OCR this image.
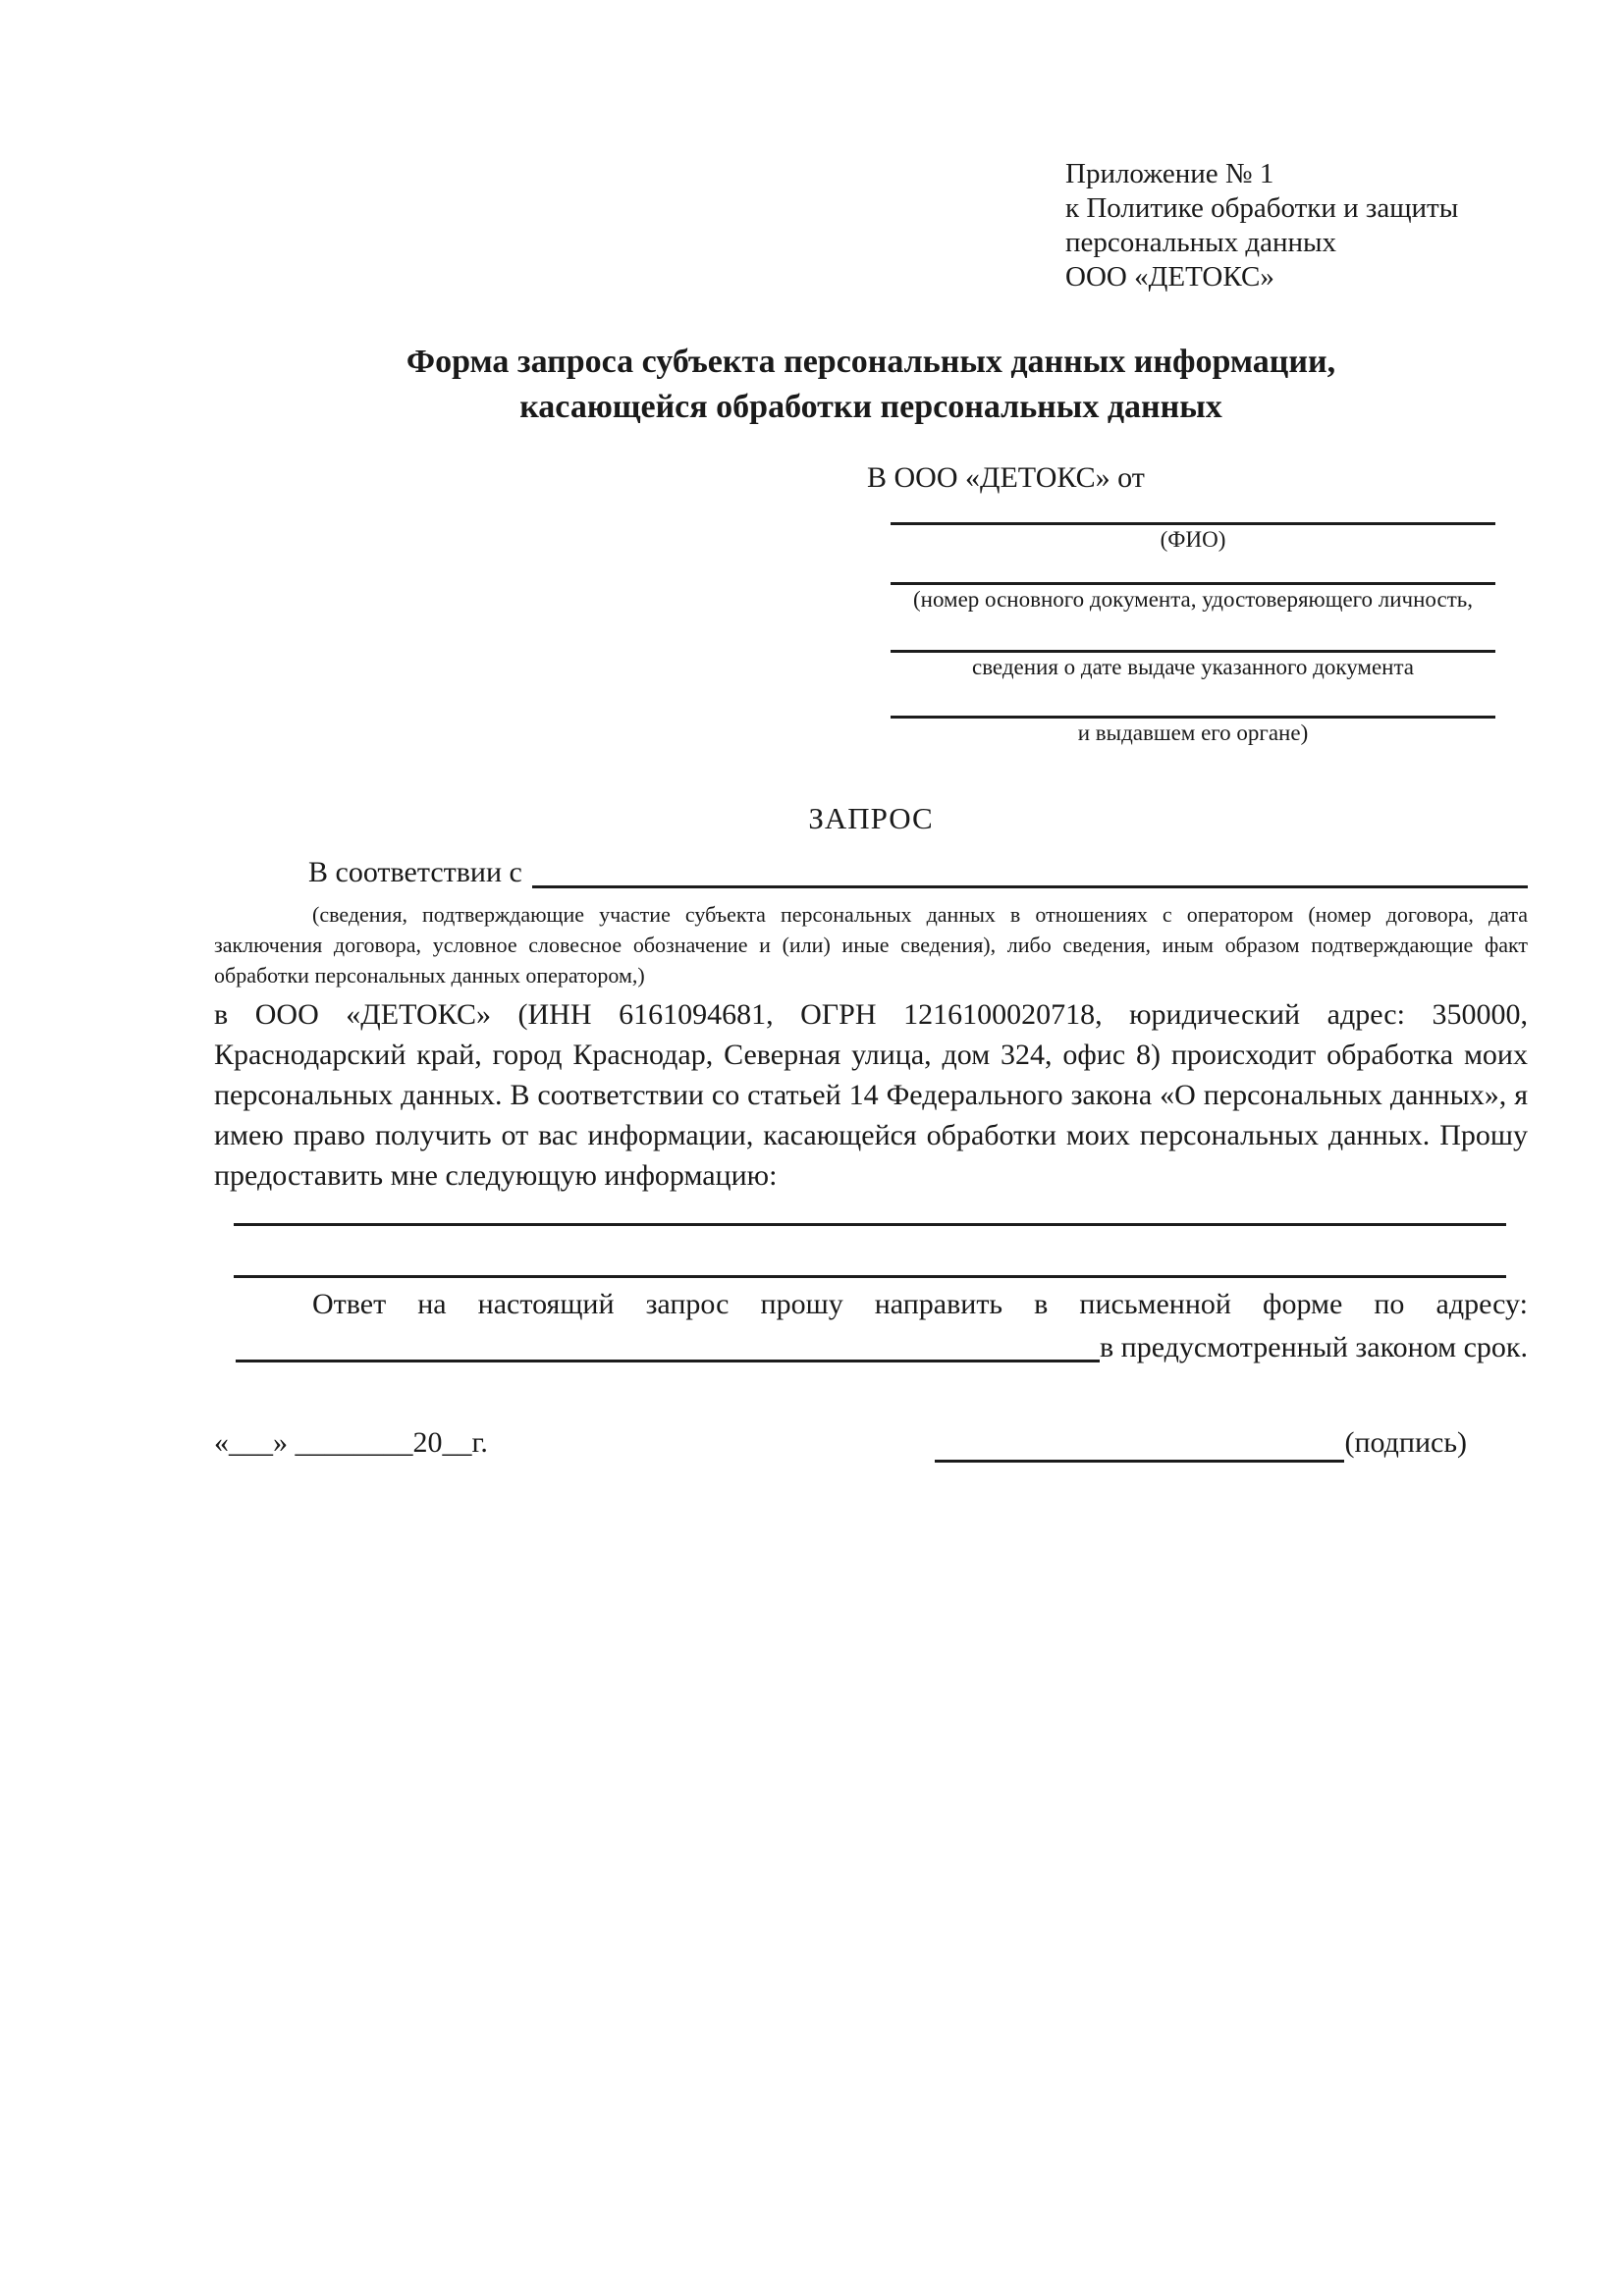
Приложение № 1
к Политике обработки и защиты
персональных данных
ООО «ДЕТОКС»
Форма запроса субъекта персональных данных информации,
касающейся обработки персональных данных
В ООО «ДЕТОКС» от
(ФИО)
(номер основного документа, удостоверяющего личность,
сведения о дате выдаче указанного документа
и выдавшем его органе)
ЗАПРОС
В соответствии с

(сведения, подтверждающие участие субъекта персональных данных в отношениях с оператором (номер договора, дата заключения договора, условное словесное обозначение и (или) иные сведения), либо сведения, иным образом подтверждающие факт обработки персональных данных оператором,)

в ООО «ДЕТОКС» (ИНН 6161094681, ОГРН 1216100020718, юридический адрес: 350000, Краснодарский край, город Краснодар, Северная улица, дом 324, офис 8) происходит обработка моих персональных данных. В соответствии со статьей 14 Федерального закона «О персональных данных», я имею право получить от вас информации, касающейся обработки моих персональных данных. Прошу предоставить мне следующую информацию:

Ответ на настоящий запрос прошу направить в письменной форме по адресу:

в предусмотренный законом срок.
«___» ________20__г.	(подпись)
